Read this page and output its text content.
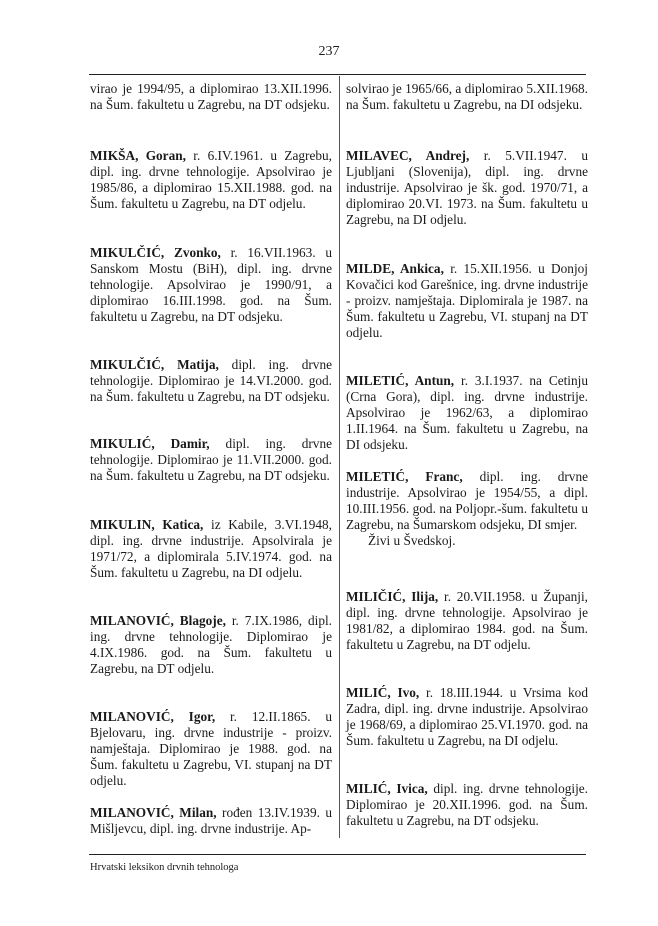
237
virao je 1994/95, a diplomirao 13.XII.1996. na Šum. fakultetu u Zagrebu, na DT odsjeku.
MIKŠA, Goran, r. 6.IV.1961. u Zagrebu, dipl. ing. drvne tehnologije. Apsolvirao je 1985/86, a diplomirao 15.XII.1988. god. na Šum. fakultetu u Zagrebu, na DT odjelu.
MIKULČIĆ, Zvonko, r. 16.VII.1963. u Sanskom Mostu (BiH), dipl. ing. drvne tehnologije. Apsolvirao je 1990/91, a diplomirao 16.III.1998. god. na Šum. fakultetu u Zagrebu, na DT odsjeku.
MIKULČIĆ, Matija, dipl. ing. drvne tehnologije. Diplomirao je 14.VI.2000. god. na Šum. fakultetu u Zagrebu, na DT odsjeku.
MIKULIĆ, Damir, dipl. ing. drvne tehnologije. Diplomirao je 11.VII.2000. god. na Šum. fakultetu u Zagrebu, na DT odsjeku.
MIKULIN, Katica, iz Kabile, 3.VI.1948, dipl. ing. drvne industrije. Apsolvirala je 1971/72, a diplomirala 5.IV.1974. god. na Šum. fakultetu u Zagrebu, na DI odjelu.
MILANOVIĆ, Blagoje, r. 7.IX.1986, dipl. ing. drvne tehnologije. Diplomirao je 4.IX.1986. god. na Šum. fakultetu u Zagrebu, na DT odjelu.
MILANOVIĆ, Igor, r. 12.II.1865. u Bjelovaru, ing. drvne industrije - proizv. namještaja. Diplomirao je 1988. god. na Šum. fakultetu u Zagrebu, VI. stupanj na DT odjelu.
MILANOVIĆ, Milan, rođen 13.IV.1939. u Mišljevcu, dipl. ing. drvne industrije. Ap-
solvirao je 1965/66, a diplomirao 5.XII.1968. na Šum. fakultetu u Zagrebu, na DI odsjeku.
MILAVEC, Andrej, r. 5.VII.1947. u Ljubljani (Slovenija), dipl. ing. drvne industrije. Apsolvirao je šk. god. 1970/71, a diplomirao 20.VI. 1973. na Šum. fakultetu u Zagrebu, na DI odjelu.
MILDE, Ankica, r. 15.XII.1956. u Donjoj Kovačici kod Garešnice, ing. drvne industrije - proizv. namještaja. Diplomirala je 1987. na Šum. fakultetu u Zagrebu, VI. stupanj na DT odjelu.
MILETIĆ, Antun, r. 3.I.1937. na Cetinju (Crna Gora), dipl. ing. drvne industrije. Apsolvirao je 1962/63, a diplomirao 1.II.1964. na Šum. fakultetu u Zagrebu, na DI odsjeku.
MILETIĆ, Franc, dipl. ing. drvne industrije. Apsolvirao je 1954/55, a dipl. 10.III.1956. god. na Poljopr.-šum. fakultetu u Zagrebu, na Šumarskom odsjeku, DI smjer.
Živi u Švedskoj.
MILIČIĆ, Ilija, r. 20.VII.1958. u Županji, dipl. ing. drvne tehnologije. Apsolvirao je 1981/82, a diplomirao 1984. god. na Šum. fakultetu u Zagrebu, na DT odjelu.
MILIĆ, Ivo, r. 18.III.1944. u Vrsima kod Zadra, dipl. ing. drvne industrije. Apsolvirao je 1968/69, a diplomirao 25.VI.1970. god. na Šum. fakultetu u Zagrebu, na DI odjelu.
MILIĆ, Ivica, dipl. ing. drvne tehnologije. Diplomirao je 20.XII.1996. god. na Šum. fakultetu u Zagrebu, na DT odsjeku.
Hrvatski leksikon drvnih tehnologa
